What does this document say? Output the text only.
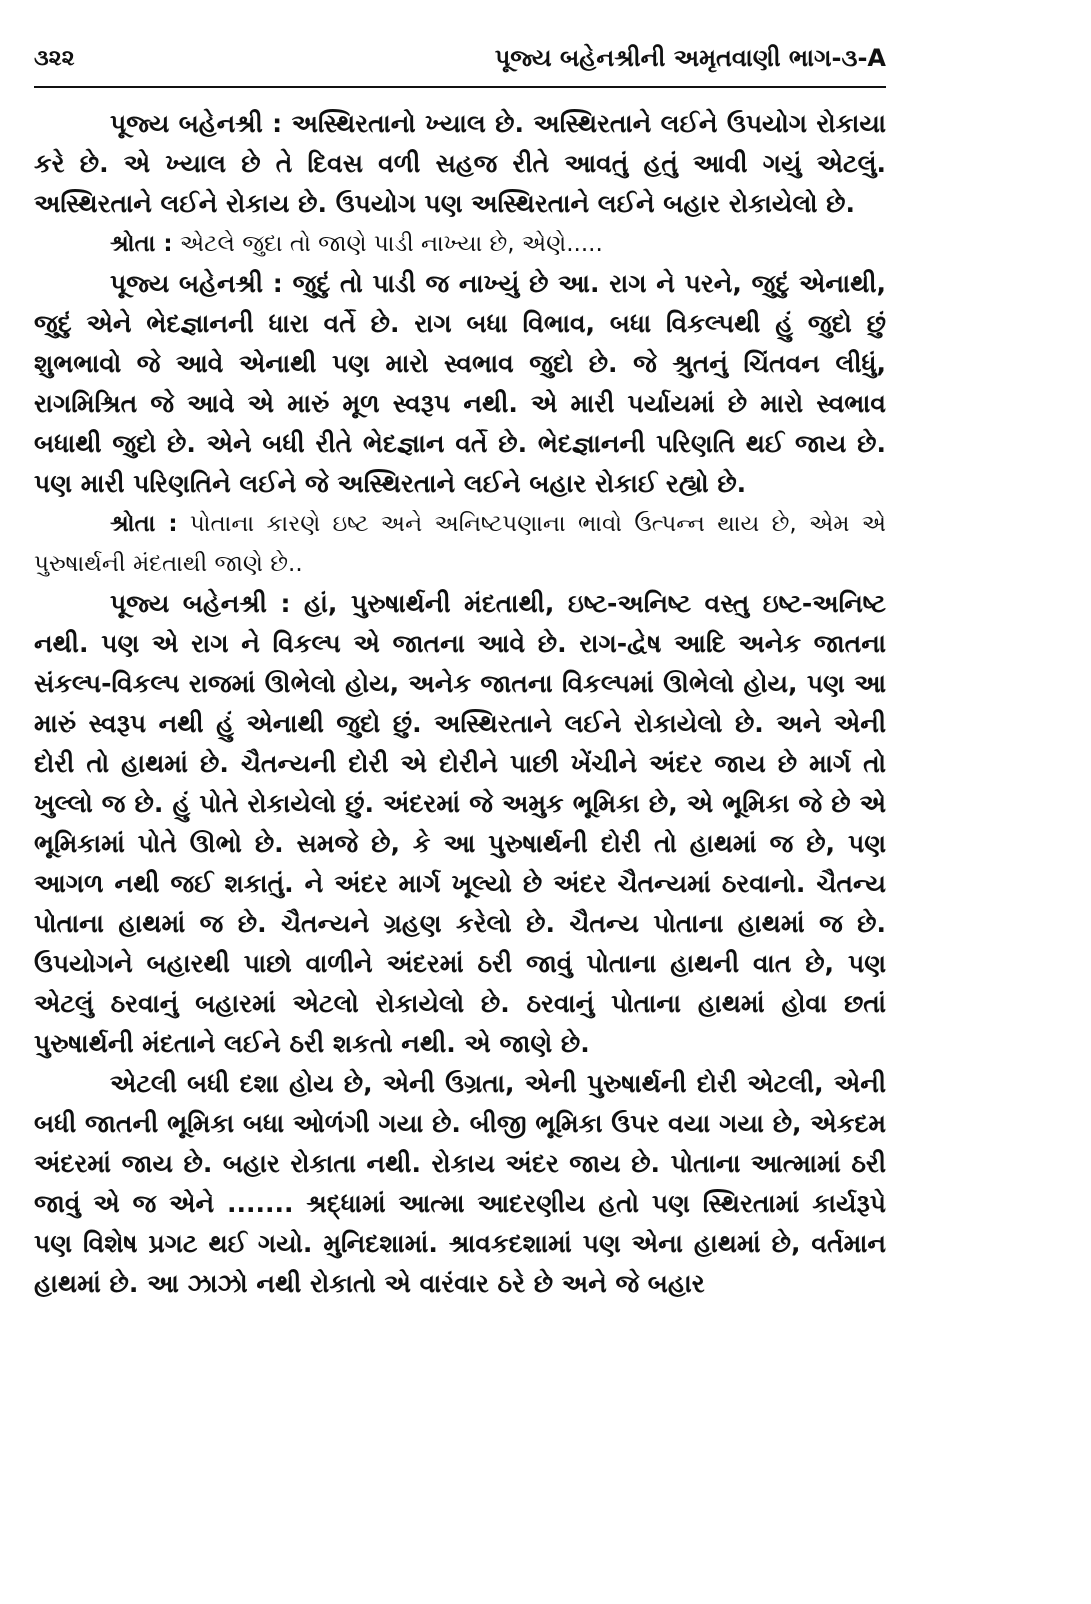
૩૨૨	પૂજ્ય બહેનશ્રીની અમૃતવાણી ભાગ-૩-A

પૂજ્ય બહેનશ્રી : અસ્થિરતાનો ખ્યાલ છે. અસ્થિરતાને લઈને ઉપયોગ રોકાયા કરે છે. એ ખ્યાલ છે તે દિવસ વળી સહજ રીતે આવતું હતું આવી ગયું એટલું. અસ્થિરતાને લઈને રોકાય છે. ઉપયોગ પણ અસ્થિરતાને લઈને બહાર રોકાયેલો છે.

શ્રોતા : એટલે જુદા તો જાણે પાડી નાખ્યા છે, એણે.....

પૂજ્ય બહેનશ્રી : જુદું તો પાડી જ નાખ્યું છે આ. રાગ ને પરને, જુદું એનાથી, જુદું એને ભેદજ્ઞાનની ધારા વર્તે છે. રાગ બધા વિભાવ, બધા વિકલ્પથી હું જુદો છું શુભભાવો જે આવે એનાથી પણ મારો સ્વભાવ જુદો છે. જે શ્રુતનું ચિંતવન લીધું, રાગમિશ્રિત જે આવે એ મારું મૂળ સ્વરૂપ નથી. એ મારી પર્યાયમાં છે મારો સ્વભાવ બધાથી જુદો છે. એને બધી રીતે ભેદજ્ઞાન વર્તે છે. ભેદજ્ઞાનની પરિણતિ થઈ જાય છે. પણ મારી પરિણતિને લઈને જે અસ્થિરતાને લઈને બહાર રોકાઈ રહ્યો છે.

શ્રોતા : પોતાના કારણે ઇષ્ટ અને અનિષ્ટપણાના ભાવો ઉત્પન્ન થાય છે, એમ એ પુરુષાર્થની મંદતાથી જાણે છે..

પૂજ્ય બહેનશ્રી : હાં, પુરુષાર્થની મંદતાથી, ઇષ્ટ-અનિષ્ટ વસ્તુ ઇષ્ટ-અનિષ્ટ નથી. પણ એ રાગ ને વિકલ્પ એ જાતના આવે છે. રાગ-દ્વેષ આદિ અનેક જાતના સંકલ્પ-વિકલ્પ રાજમાં ઊભેલો હોય, અનેક જાતના વિકલ્પમાં ઊભેલો હોય, પણ આ મારું સ્વરૂપ નથી હું એનાથી જુદો છું. અસ્થિરતાને લઈને રોકાયેલો છે. અને એની દોરી તો હાથમાં છે. ચૈતન્યની દોરી એ દોરીને પાછી ખેંચીને અંદર જાય છે માર્ગ તો ખુલ્લો જ છે. હું પોતે રોકાયેલો છું. અંદરમાં જે અમુક ભૂમિકા છે, એ ભૂમિકા જે છે એ ભૂમિકામાં પોતે ઊભો છે. સમજે છે, કે આ પુરુષાર્થની દોરી તો હાથમાં જ છે, પણ આગળ નથી જઈ શકાતું. ને અંદર માર્ગ ખૂલ્યો છે અંદર ચૈતન્યમાં ઠરવાનો. ચૈતન્ય પોતાના હાથમાં જ છે. ચૈતન્યને ગ્રહણ કરેલો છે. ચૈતન્ય પોતાના હાથમાં જ છે. ઉપયોગને બહારથી પાછો વાળીને અંદરમાં ઠરી જાવું પોતાના હાથની વાત છે, પણ એટલું ઠરવાનું બહારમાં એટલો રોકાયેલો છે. ઠરવાનું પોતાના હાથમાં હોવા છતાં પુરુષાર્થની મંદતાને લઈને ઠરી શકતો નથી. એ જાણે છે.

એટલી બધી દશા હોય છે, એની ઉગ્રતા, એની પુરુષાર્થની દોરી એટલી, એની બધી જાતની ભૂમિકા બધા ઓળંગી ગયા છે. બીજી ભૂમિકા ઉપર વયા ગયા છે, એકદમ અંદરમાં જાય છે. બહાર રોકાતા નથી. રોકાય અંદર જાય છે. પોતાના આત્મામાં ઠરી જાવું એ જ એને ....... શ્રદ્ધામાં આત્મા આદરણીય હતો પણ સ્થિરતામાં કાર્યરૂપે પણ વિશેષ પ્રગટ થઈ ગયો. મુનિદશામાં. શ્રાવકદશામાં પણ એના હાથમાં છે, વર્તમાન હાથમાં છે. આ ઝાઝો નથી રોકાતો એ વારંવાર ઠરે છે અને જે બહાર
